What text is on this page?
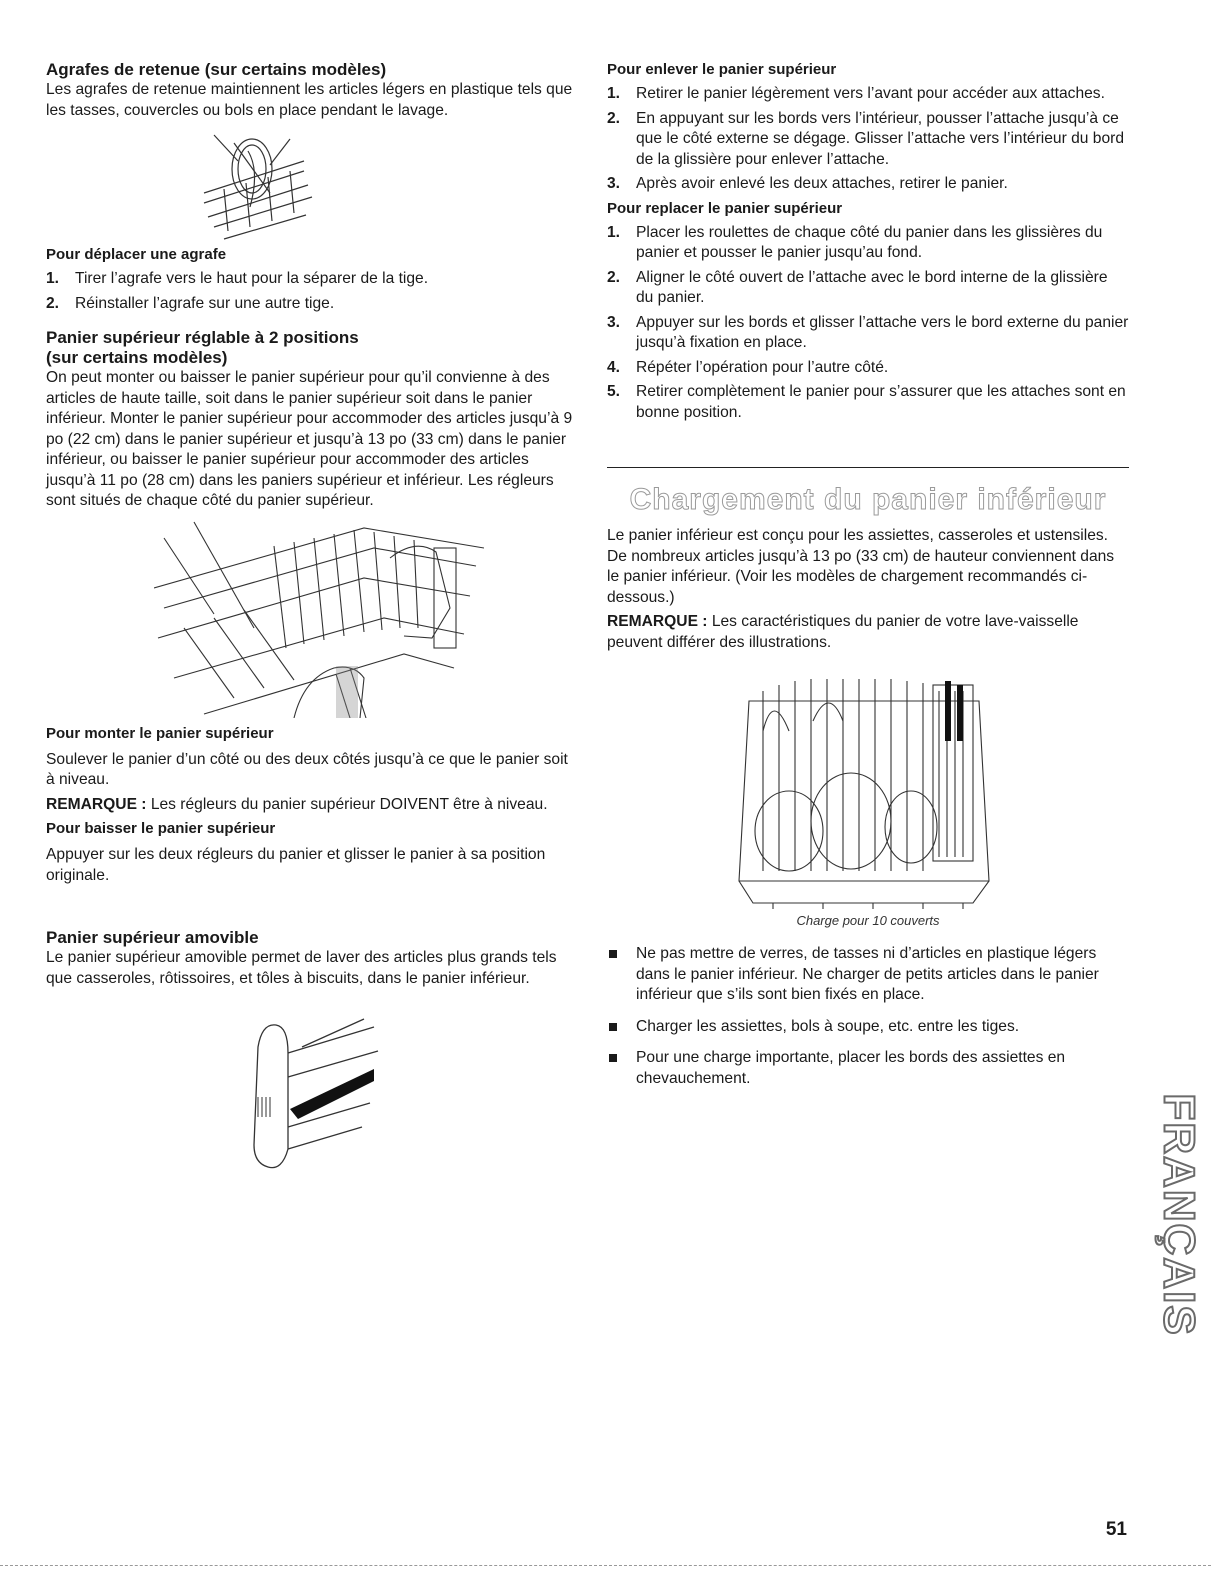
Agrafes de retenue (sur certains modèles)

Les agrafes de retenue maintiennent les articles légers en plastique tels que les tasses, couvercles ou bols en place pendant le lavage.

Pour déplacer une agrafe
1. Tirer l’agrafe vers le haut pour la séparer de la tige.
2. Réinstaller l’agrafe sur une autre tige.
Panier supérieur réglable à 2 positions
(sur certains modèles)

On peut monter ou baisser le panier supérieur pour qu’il convienne à des articles de haute taille, soit dans le panier supérieur soit dans le panier inférieur. Monter le panier supérieur pour accommoder des articles jusqu’à 9 po (22 cm) dans le panier supérieur et jusqu’à 13 po (33 cm) dans le panier inférieur, ou baisser le panier supérieur pour accommoder des articles jusqu’à 11 po (28 cm) dans les paniers supérieur et inférieur. Les régleurs sont situés de chaque côté du panier supérieur.

Pour monter le panier supérieur

Soulever le panier d’un côté ou des deux côtés jusqu’à ce que le panier soit à niveau.

REMARQUE : Les régleurs du panier supérieur DOIVENT être à niveau.

Pour baisser le panier supérieur

Appuyer sur les deux régleurs du panier et glisser le panier à sa position originale.

Panier supérieur amovible

Le panier supérieur amovible permet de laver des articles plus grands tels que casseroles, rôtissoires, et tôles à biscuits, dans le panier inférieur.

Pour enlever le panier supérieur
1. Retirer le panier légèrement vers l’avant pour accéder aux attaches.
2. En appuyant sur les bords vers l’intérieur, pousser l’attache jusqu’à ce que le côté externe se dégage. Glisser l’attache vers l’intérieur du bord de la glissière pour enlever l’attache.
3. Après avoir enlevé les deux attaches, retirer le panier.
Pour replacer le panier supérieur
1. Placer les roulettes de chaque côté du panier dans les glissières du panier et pousser le panier jusqu’au fond.
2. Aligner le côté ouvert de l’attache avec le bord interne de la glissière du panier.
3. Appuyer sur les bords et glisser l’attache vers le bord externe du panier jusqu’à fixation en place.
4. Répéter l’opération pour l’autre côté.
5. Retirer complètement le panier pour s’assurer que les attaches sont en bonne position.
Chargement du panier inférieur

Le panier inférieur est conçu pour les assiettes, casseroles et ustensiles. De nombreux articles jusqu’à 13 po (33 cm) de hauteur conviennent dans le panier inférieur. (Voir les modèles de chargement recommandés ci-dessous.)

REMARQUE : Les caractéristiques du panier de votre lave-vaisselle peuvent différer des illustrations.

Charge pour 10 couverts

Ne pas mettre de verres, de tasses ni d’articles en plastique légers dans le panier inférieur. Ne charger de petits articles dans le panier inférieur que s’ils sont bien fixés en place.
Charger les assiettes, bols à soupe, etc. entre les tiges.
Pour une charge importante, placer les bords des assiettes en chevauchement.
FRANÇAIS
51
